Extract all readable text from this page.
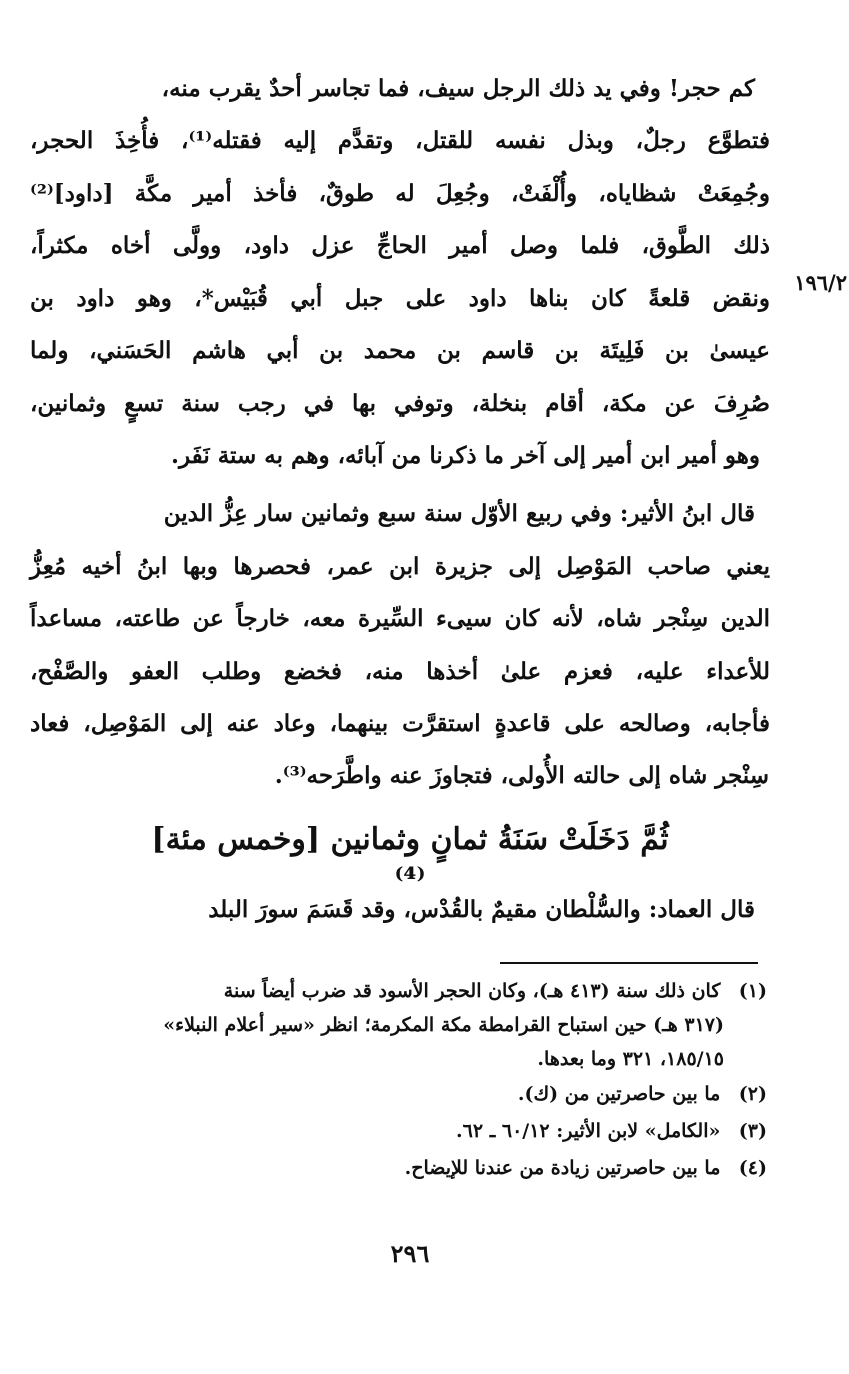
١٩٦/٢
كم حجر! وفي يد ذلك الرجل سيف، فما تجاسر أحدٌ يقرب منه،
فتطوَّع رجلٌ، وبذل نفسه للقتل، وتقدَّم إليه فقتله⁽¹⁾، فأُخِذَ الحجر،
وجُمِعَتْ شظاياه، وأُلْفَتْ، وجُعِلَ له طوقٌ، فأخذ أمير مكَّة [داود]⁽²⁾
ذلك الطَّوق، فلما وصل أمير الحاجِّ عزل داود، وولَّى أخاه مكثراً،
ونقض قلعةً كان بناها داود على جبل أبي قُبَيْس*، وهو داود بن
عيسىٰ بن فَلِيتَة بن قاسم بن محمد بن أبي هاشم الحَسَني، ولما
صُرِفَ عن مكة، أقام بنخلة، وتوفي بها في رجب سنة تسعٍ وثمانين،
وهو أمير ابن أمير إلى آخر ما ذكرنا من آبائه، وهم به ستة نَفَر.
قال ابنُ الأثير: وفي ربيع الأوّل سنة سبع وثمانين سار عِزُّ الدين
يعني صاحب المَوْصِل إلى جزيرة ابن عمر، فحصرها وبها ابنُ أخيه مُعِزُّ
الدين سِنْجر شاه، لأنه كان سيىء السِّيرة معه، خارجاً عن طاعته، مساعداً
للأعداء عليه، فعزم علىٰ أخذها منه، فخضع وطلب العفو والصَّفْح،
فأجابه، وصالحه على قاعدةٍ استقرَّت بينهما، وعاد عنه إلى المَوْصِل، فعاد
سِنْجر شاه إلى حالته الأُولى، فتجاوزَ عنه واطَّرَحه⁽³⁾.
ثُمَّ دَخَلَتْ سَنَةُ ثمانٍ وثمانين [وخمس مئة]⁽⁴⁾
قال العماد: والسُّلْطان مقيمٌ بالقُدْس، وقد قَسَمَ سورَ البلد
(١) كان ذلك سنة (٤١٣ هـ)، وكان الحجر الأسود قد ضرب أيضاً سنة
(٣١٧ هـ) حين استباح القرامطة مكة المكرمة؛ انظر «سير أعلام النبلاء»
١٨٥/١٥، ٣٢١ وما بعدها.
(٢) ما بين حاصرتين من (ك).
(٣) «الكامل» لابن الأثير: ٦٠/١٢ ـ ٦٢.
(٤) ما بين حاصرتين زيادة من عندنا للإيضاح.
٢٩٦
